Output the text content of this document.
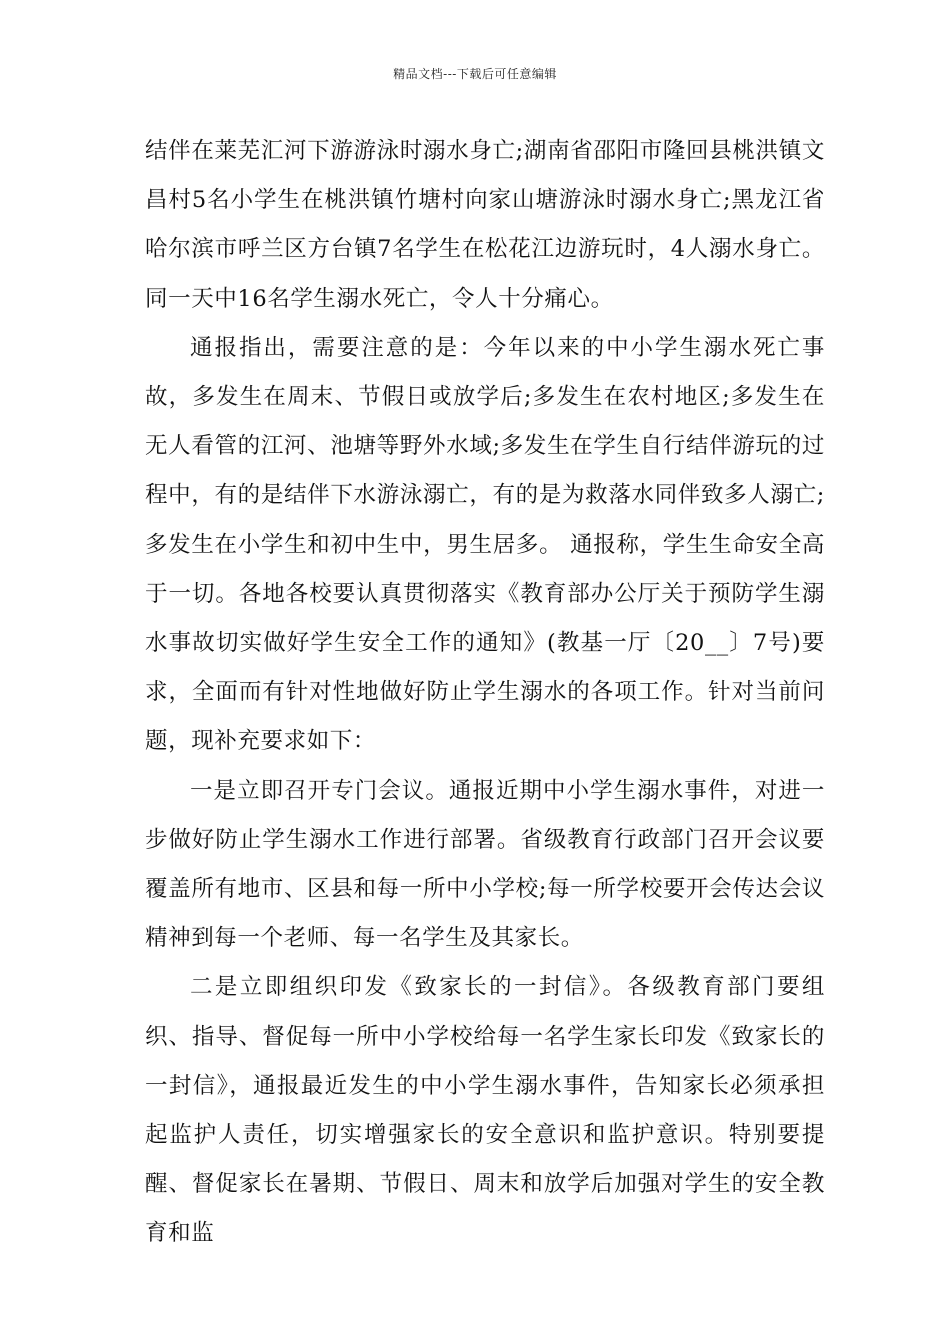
精品文档---下载后可任意编辑

结伴在莱芜汇河下游游泳时溺水身亡;湖南省邵阳市隆回县桃洪镇文昌村5名小学生在桃洪镇竹塘村向家山塘游泳时溺水身亡;黑龙江省哈尔滨市呼兰区方台镇7名学生在松花江边游玩时，4人溺水身亡。同一天中16名学生溺水死亡，令人十分痛心。

通报指出，需要注意的是：今年以来的中小学生溺水死亡事故，多发生在周末、节假日或放学后;多发生在农村地区;多发生在无人看管的江河、池塘等野外水域;多发生在学生自行结伴游玩的过程中，有的是结伴下水游泳溺亡，有的是为救落水同伴致多人溺亡;多发生在小学生和初中生中，男生居多。 通报称，学生生命安全高于一切。各地各校要认真贯彻落实《教育部办公厅关于预防学生溺水事故切实做好学生安全工作的通知》(教基一厅〔20__〕7号)要求，全面而有针对性地做好防止学生溺水的各项工作。针对当前问题，现补充要求如下：

一是立即召开专门会议。通报近期中小学生溺水事件，对进一步做好防止学生溺水工作进行部署。省级教育行政部门召开会议要覆盖所有地市、区县和每一所中小学校;每一所学校要开会传达会议精神到每一个老师、每一名学生及其家长。

二是立即组织印发《致家长的一封信》。各级教育部门要组织、指导、督促每一所中小学校给每一名学生家长印发《致家长的一封信》，通报最近发生的中小学生溺水事件，告知家长必须承担起监护人责任，切实增强家长的安全意识和监护意识。特别要提醒、督促家长在暑期、节假日、周末和放学后加强对学生的安全教育和监
